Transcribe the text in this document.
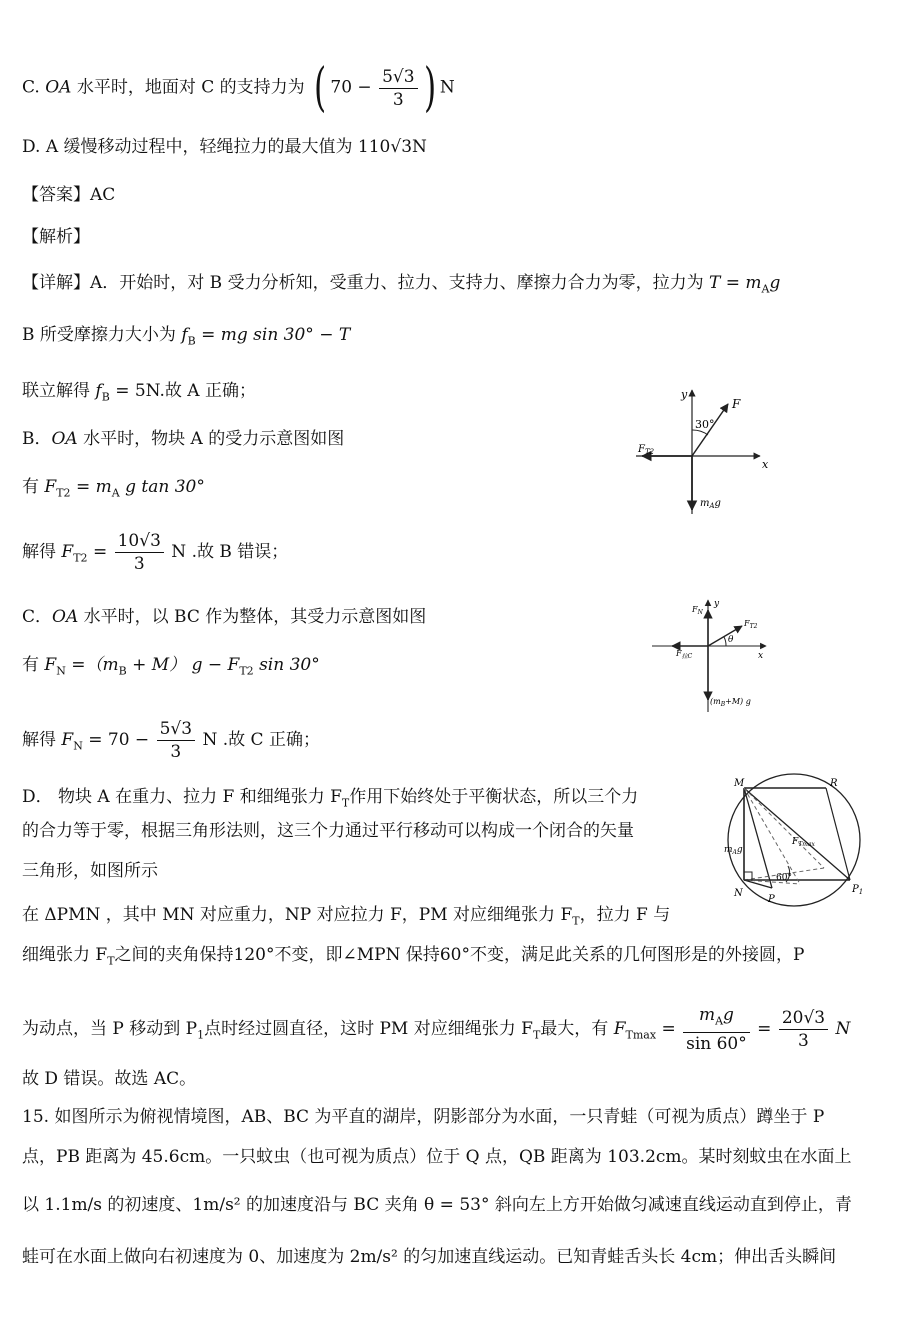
C. OA 水平时，地面对 C 的支持力为 ( $70 - \frac{5√3}{3}$ ) N
D. A 缓慢移动过程中，轻绳拉力的最大值为 110√3N
【答案】AC
【解析】
【详解】A．开始时，对 B 受力分析知，受重力、拉力、支持力、摩擦力合力为零，拉力为 $T = m_Ag$
B 所受摩擦力大小为 $f_B$ = mg sin 30° − T
联立解得 $f_B = 5N$.故 A 正确；
B．OA 水平时，物块 A 的受力示意图如图
有 $F_{T2} = m_A$ g tan 30°
解得 $F_{T2} = \frac{10√3}{3}$ N .故 B 错误；
C．OA 水平时，以 BC 作为整体，其受力示意图如图
有 $F_N =(m_B + M) g - F_{T2}$ sin 30°
解得 $F_N = 70 - \frac{5√3}{3}$ N .故 C 正确；
D． 物块 A 在重力、拉力 F 和细绳张力 $F_T$作用下始终处于平衡状态，所以三个力
的合力等于零，根据三角形法则，这三个力通过平行移动可以构成一个闭合的矢量
三角形，如图所示
在 ΔPMN ，其中 MN 对应重力，NP 对应拉力 F，PM 对应细绳张力 $F_T$，拉力 F 与
细绳张力 $F_T$之间的夹角保持120°不变，即∠MPN 保持60°不变，满足此关系的几何图形是的外接圆，P
为动点，当 P 移动到 $P_1$点时经过圆直径，这时 PM 对应细绳张力 $F_T$最大，有 $F_{Tmax} = \frac{m_Ag}{\sin 60^\circ} = \frac{20√3}{3}$ N
故 D 错误。故选 AC。
15. 如图所示为俯视情境图，AB、BC 为平直的湖岸，阴影部分为水面，一只青蛙（可视为质点）蹲坐于 P
点，PB 距离为 45.6cm。一只蚊虫（也可视为质点）位于 Q 点，QB 距离为 103.2cm。某时刻蚊虫在水面上
以 1.1m/s 的初速度、1m/s² 的加速度沿与 BC 夹角 θ = 53° 斜向左上方开始做匀减速直线运动直到停止，青
蛙可在水面上做向右初速度为 0、加速度为 2m/s² 的匀加速直线运动。已知青蛙舌头长 4cm；伸出舌头瞬间
y
x
F
30°
$F_{T2}$
$m_Ag$
y
x
$F_N$
$F_{T2}$
θ
$F_{拉C}$
$(m_B+M)$ g
M	R
N
P
$P_1$
$F_{Tmax}$
$m_Ag$
60°
